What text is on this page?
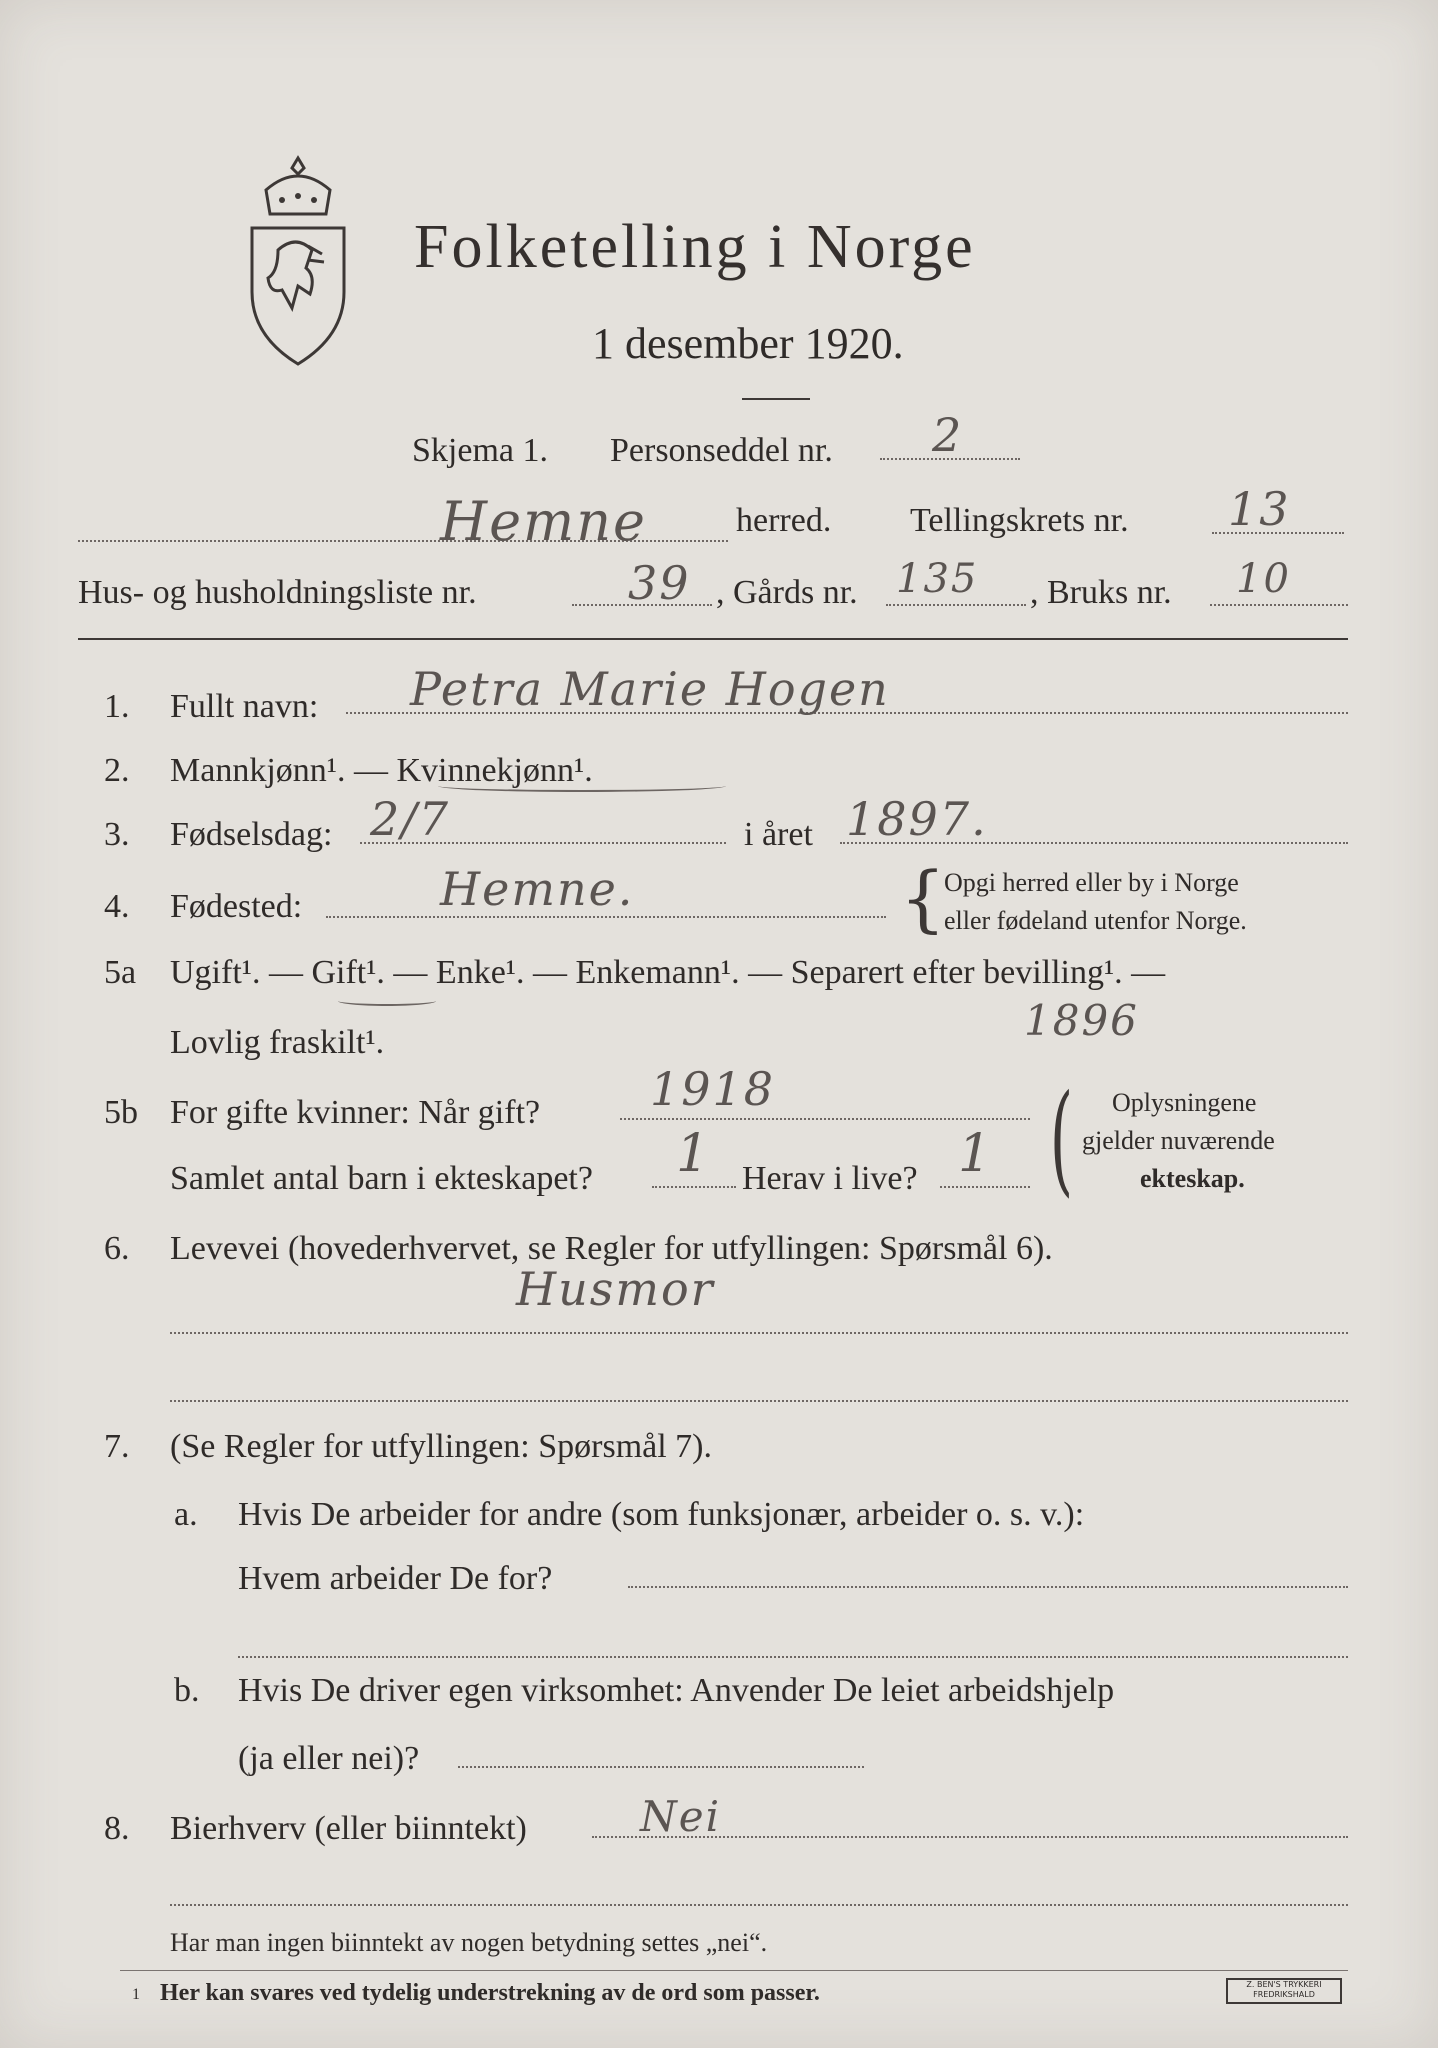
Folketelling i Norge
1 desember 1920.
Skjema 1. Personseddel nr. 2
Hemne	herred. Tellingskrets nr. 13
Hus- og husholdningsliste nr.	39 , Gårds nr. 135 , Bruks nr. 10
1. Fullt navn: Petra Marie Hogen
2. Mannkjønn¹. — Kvinnekjønn¹.
3. Fødselsdag: 2/7	i året 1897.
4. Fødested:	Hemne.	{
Opgi herred eller by i Norge
eller fødeland utenfor Norge.
5a Ugift¹. — Gift¹. — Enke¹. — Enkemann¹. — Separert efter bevilling¹. —
Lovlig fraskilt¹.	1896
5b For gifte kvinner: Når gift? 1918
Samlet antal barn i ekteskapet? 1 Herav i live? 1 ( Oplysningene
gjelder nuværende
ekteskap.
6. Levevei (hovederhvervet, se Regler for utfyllingen: Spørsmål 6).
Husmor
7. (Se Regler for utfyllingen: Spørsmål 7).
a. Hvis De arbeider for andre (som funksjonær, arbeider o. s. v.):
Hvem arbeider De for?
b. Hvis De driver egen virksomhet: Anvender De leiet arbeidshjelp
(ja eller nei)?
8. Bierhverv (eller biinntekt)	Nei
Har man ingen biinntekt av nogen betydning settes „nei“.
1 Her kan svares ved tydelig understrekning av de ord som passer.	Z. BEN'S TRYKKERI FREDRIKSHALD
